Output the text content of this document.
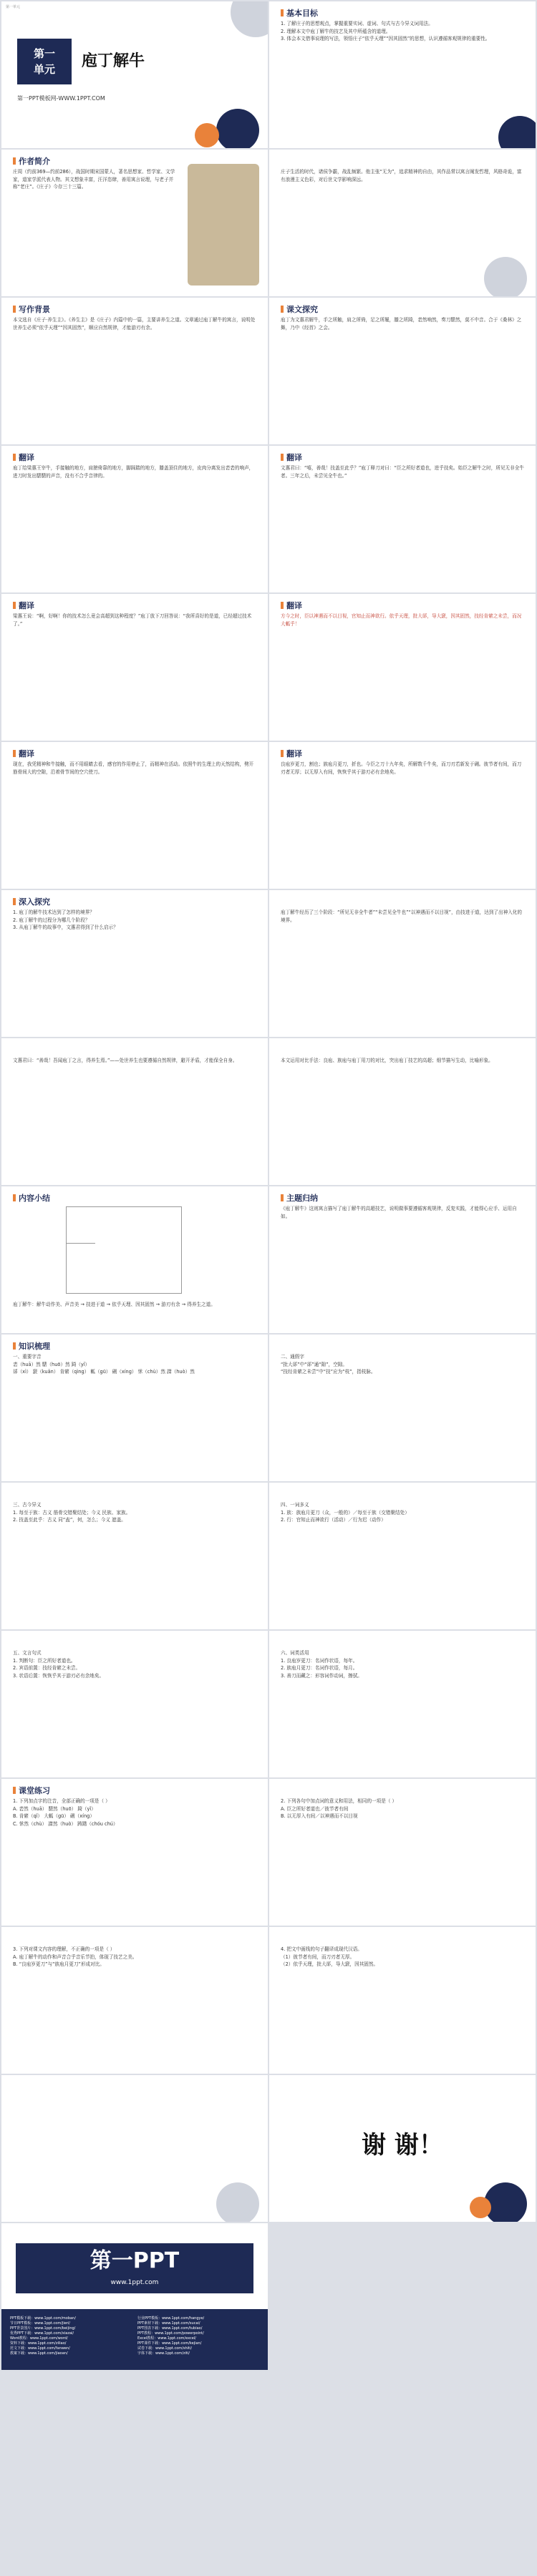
第一单元
第一
单元	庖丁解牛
第一PPT模板网-WWW.1PPT.COM
基本目标
1. 了解庄子的思想观点，掌握重要实词、虚词、句式与古今异义词用法。
2. 理解本文中庖丁解牛的技艺及其中所蕴含的道理。
3. 体会本文借事说理的写法，领悟庄子“依乎天理”“因其固然”的思想，认识遵循客观规律的重要性。
作者简介
庄周（约前369—约前286），战国时期宋国蒙人，著名思想家、哲学家、文学家，道家学派代表人物。其文想象丰富，汪洋恣肆，善用寓言说理，与老子并称“老庄”。《庄子》今存三十三篇。
庄子生活的时代，诸侯争霸，战乱频繁。他主张“无为”，追求精神的自由，其作品常以寓言阐发哲理，风格奇诡，富有浪漫主义色彩，对后世文学影响深远。
写作背景
本文选自《庄子·养生主》。《养生主》是《庄子》内篇中的一篇，主要讲养生之道。文章通过庖丁解牛的寓言，说明处世养生必须“依乎天理”“因其固然”，顺应自然规律，才能游刃有余。
课文探究
庖丁为文惠君解牛，手之所触，肩之所倚，足之所履，膝之所踦，砉然响然，奏刀騞然，莫不中音。合于《桑林》之舞，乃中《经首》之会。
翻译
庖丁给梁惠王宰牛，手接触的地方，肩膀倚靠的地方，脚踩踏的地方，膝盖顶住的地方，皮肉分离发出砉砉的响声，进刀时发出騞騞的声音，没有不合乎音律的。
翻译
文惠君曰：“嘻，善哉！技盖至此乎？”庖丁释刀对曰：“臣之所好者道也，进乎技矣。始臣之解牛之时，所见无非全牛者。三年之后，未尝见全牛也。”
翻译
梁惠王说：“啊，好啊！你的技术怎么竟会高超到这种程度？”庖丁放下刀回答说：“我所喜好的是道，已经超过技术了。”
翻译
方今之时，臣以神遇而不以目视，官知止而神欲行。依乎天理，批大郤，导大窾，因其固然，技经肯綮之未尝，而况大軱乎！
翻译
现在，我凭精神和牛接触，而不用眼睛去看，感官的作用停止了，而精神在活动。依照牛的生理上的天然结构，劈开筋骨间大的空隙，沿着骨节间的空穴使刀。
翻译
良庖岁更刀，割也；族庖月更刀，折也。今臣之刀十九年矣，所解数千牛矣，而刀刃若新发于硎。彼节者有间，而刀刃者无厚；以无厚入有间，恢恢乎其于游刃必有余地矣。
深入探究
1. 庖丁的解牛技术达到了怎样的境界？
2. 庖丁解牛的过程分为哪几个阶段？
3. 从庖丁解牛的故事中，文惠君得到了什么启示？
庖丁解牛经历了三个阶段：“所见无非全牛者”“未尝见全牛也”“以神遇而不以目视”，由技进于道，达到了出神入化的境界。
文惠君曰：“善哉！吾闻庖丁之言，得养生焉。”——处世养生也要遵循自然规律，避开矛盾，才能保全自身。	本文运用对比手法：良庖、族庖与庖丁用刀的对比，突出庖丁技艺的高超；细节描写生动，比喻形象。
内容小结
庖丁解牛：解牛动作美、声音美 → 技进于道 → 依乎天理、因其固然 → 游刃有余 → 得养生之道。
主题归纳
《庖丁解牛》这则寓言描写了庖丁解牛的高超技艺，说明做事要遵循客观规律，反复实践，才能得心应手、运用自如。
知识梳理
一、重要字音
砉（huā）然 騞（huō）然 踦（yǐ）
郤（xì） 窾（kuǎn） 肯綮（qìng） 軱（gū） 硎（xíng） 怵（chù）然 謋（huò）然
二、通假字
“批大郤”中“郤”通“隙”，空隙。
“技经肯綮之未尝”中“技”应为“枝”，指枝脉。
三、古今异义
1. 每至于族：古义 筋骨交错聚结处；今义 民族、家族。
2. 技盖至此乎：古义 同“盍”，何，怎么；今义 遮盖。
四、一词多义
1. 族：族庖月更刀（众，一般的）／每至于族（交错聚结处）
2. 行：官知止而神欲行（活动）／行为迟（动作）
五、文言句式
1. 判断句：臣之所好者道也。
2. 宾语前置：技经肯綮之未尝。
3. 状语后置：恢恢乎其于游刃必有余地矣。
六、词类活用
1. 良庖岁更刀：名词作状语，每年。
2. 族庖月更刀：名词作状语，每月。
3. 善刀而藏之：形容词作动词，擦拭。
课堂练习
1. 下列加点字的注音，全部正确的一项是（ ）
A. 砉然（huā） 騞然（huō） 踦（yǐ）
B. 肯綮（qǐ） 大軱（gū） 硎（xíng）
C. 怵然（chù） 謋然（huò） 踌躇（chóu chú）
2. 下列各句中加点词的意义和用法，相同的一项是（ ）
A. 臣之所好者道也／彼节者有间
B. 以无厚入有间／以神遇而不以目视
3. 下列对课文内容的理解，不正确的一项是（ ）
A. 庖丁解牛的动作和声音合乎音乐节拍，体现了技艺之美。
B. “良庖岁更刀”与“族庖月更刀”形成对比。
4. 把文中画线的句子翻译成现代汉语。
（1）彼节者有间，而刀刃者无厚。
（2）依乎天理，批大郤，导大窾，因其固然。
谢 谢！
第一PPT
www.1ppt.com
PPT模板下载：www.1ppt.com/moban/
节日PPT模板：www.1ppt.com/jieri/
PPT背景图片：www.1ppt.com/beijing/
优秀PPT下载：www.1ppt.com/xiazai/
Word教程：www.1ppt.com/word/
资料下载：www.1ppt.com/ziliao/
范文下载：www.1ppt.com/fanwen/
教案下载：www.1ppt.com/jiaoan/
行业PPT模板：www.1ppt.com/hangye/
PPT素材下载：www.1ppt.com/sucai/
PPT图表下载：www.1ppt.com/tubiao/
PPT教程：www.1ppt.com/powerpoint/
Excel教程：www.1ppt.com/excel/
PPT课件下载：www.1ppt.com/kejian/
试卷下载：www.1ppt.com/shiti/
字体下载：www.1ppt.com/ziti/
